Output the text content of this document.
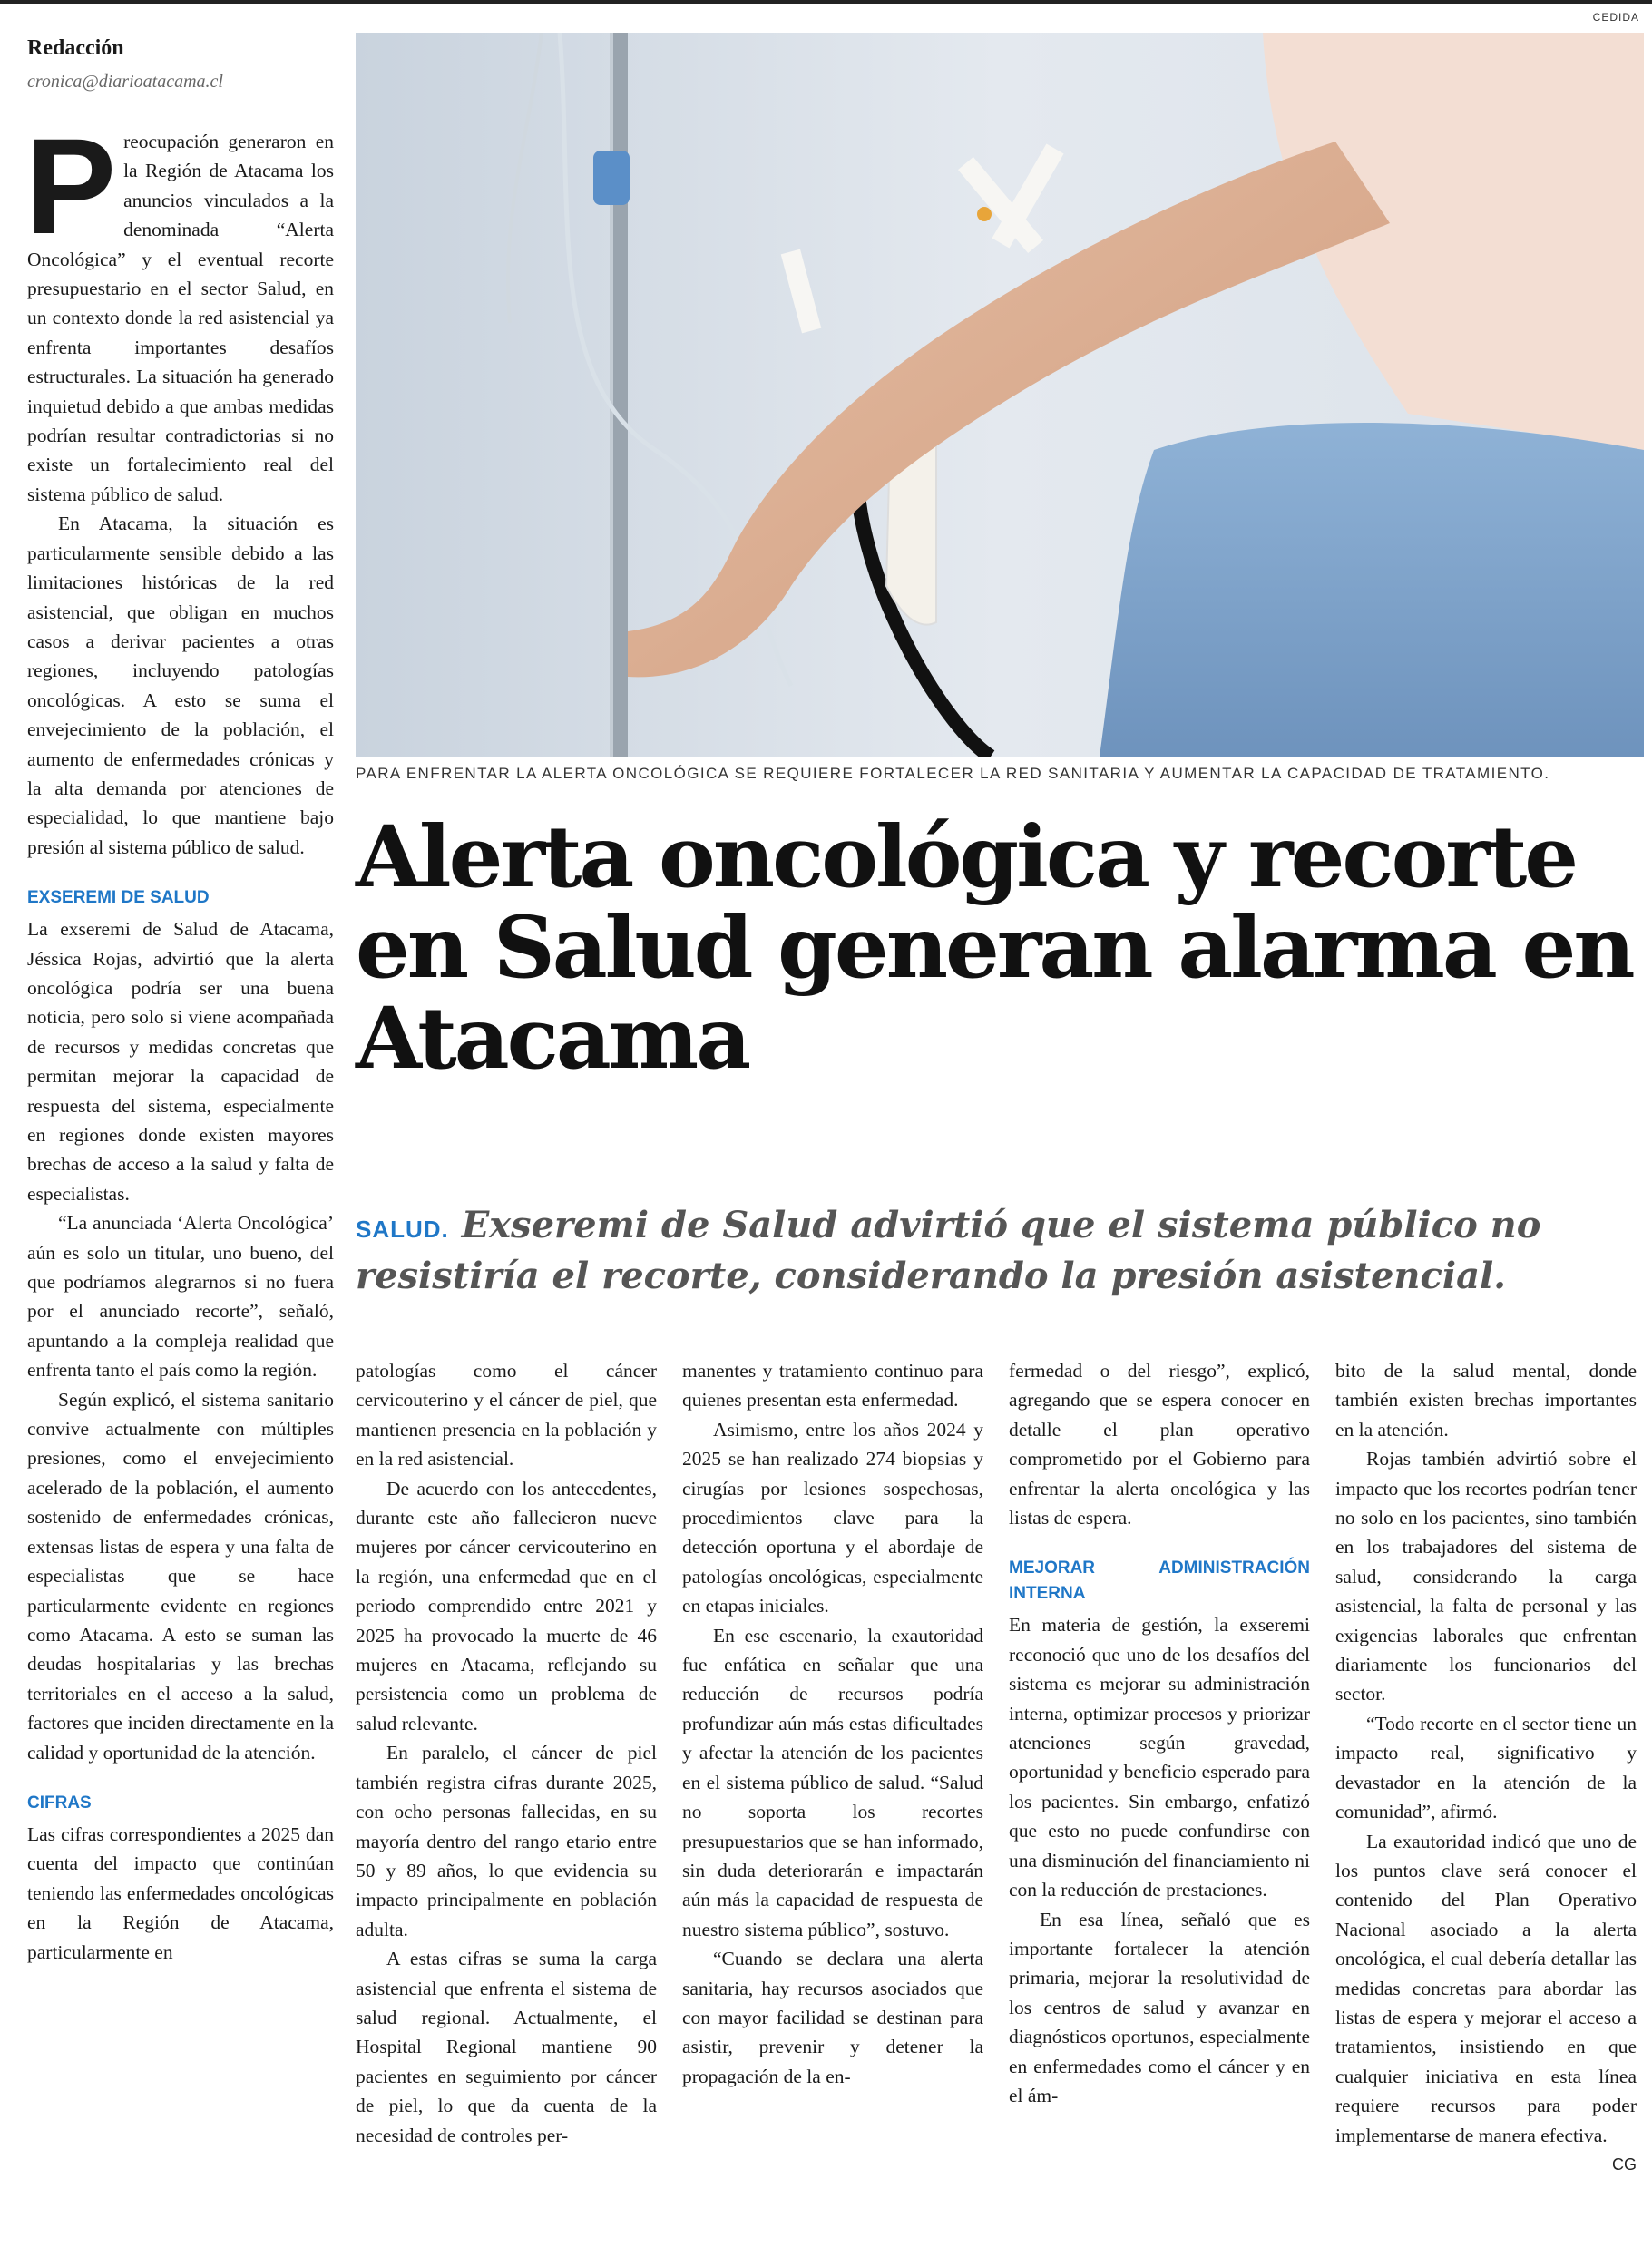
CEDIDA
Redacción
cronica@diarioatacama.cl

Preocupación generaron en la Región de Atacama los anuncios vinculados a la denominada “Alerta Oncológica” y el eventual recorte presupuestario en el sector Salud, en un contexto donde la red asistencial ya enfrenta importantes desafíos estructurales. La situación ha generado inquietud debido a que ambas medidas podrían resultar contradictorias si no existe un fortalecimiento real del sistema público de salud.

En Atacama, la situación es particularmente sensible debido a las limitaciones históricas de la red asistencial, que obligan en muchos casos a derivar pacientes a otras regiones, incluyendo patologías oncológicas. A esto se suma el envejecimiento de la población, el aumento de enfermedades crónicas y la alta demanda por atenciones de especialidad, lo que mantiene bajo presión al sistema público de salud.

EXSEREMI DE SALUD

La exseremi de Salud de Atacama, Jéssica Rojas, advirtió que la alerta oncológica podría ser una buena noticia, pero solo si viene acompañada de recursos y medidas concretas que permitan mejorar la capacidad de respuesta del sistema, especialmente en regiones donde existen mayores brechas de acceso a la salud y falta de especialistas.

“La anunciada ‘Alerta Oncológica’ aún es solo un titular, uno bueno, del que podríamos alegrarnos si no fuera por el anunciado recorte”, señaló, apuntando a la compleja realidad que enfrenta tanto el país como la región.

Según explicó, el sistema sanitario convive actualmente con múltiples presiones, como el envejecimiento acelerado de la población, el aumento sostenido de enfermedades crónicas, extensas listas de espera y una falta de especialistas que se hace particularmente evidente en regiones como Atacama. A esto se suman las deudas hospitalarias y las brechas territoriales en el acceso a la salud, factores que inciden directamente en la calidad y oportunidad de la atención.

CIFRAS

Las cifras correspondientes a 2025 dan cuenta del impacto que continúan teniendo las enfermedades oncológicas en la Región de Atacama, particularmente en

PARA ENFRENTAR LA ALERTA ONCOLÓGICA SE REQUIERE FORTALECER LA RED SANITARIA Y AUMENTAR LA CAPACIDAD DE TRATAMIENTO.
Alerta oncológica y recorte en Salud generan alarma en Atacama
SALUD. Exseremi de Salud advirtió que el sistema público no resistiría el recorte, considerando la presión asistencial.

patologías como el cáncer cervicouterino y el cáncer de piel, que mantienen presencia en la población y en la red asistencial.

De acuerdo con los antecedentes, durante este año fallecieron nueve mujeres por cáncer cervicouterino en la región, una enfermedad que en el periodo comprendido entre 2021 y 2025 ha provocado la muerte de 46 mujeres en Atacama, reflejando su persistencia como un problema de salud relevante.

En paralelo, el cáncer de piel también registra cifras durante 2025, con ocho personas fallecidas, en su mayoría dentro del rango etario entre 50 y 89 años, lo que evidencia su impacto principalmente en población adulta.

A estas cifras se suma la carga asistencial que enfrenta el sistema de salud regional. Actualmente, el Hospital Regional mantiene 90 pacientes en seguimiento por cáncer de piel, lo que da cuenta de la necesidad de controles per-

manentes y tratamiento continuo para quienes presentan esta enfermedad.

Asimismo, entre los años 2024 y 2025 se han realizado 274 biopsias y cirugías por lesiones sospechosas, procedimientos clave para la detección oportuna y el abordaje de patologías oncológicas, especialmente en etapas iniciales.

En ese escenario, la exautoridad fue enfática en señalar que una reducción de recursos podría profundizar aún más estas dificultades y afectar la atención de los pacientes en el sistema público de salud. “Salud no soporta los recortes presupuestarios que se han informado, sin duda deteriorarán e impactarán aún más la capacidad de respuesta de nuestro sistema público”, sostuvo.

“Cuando se declara una alerta sanitaria, hay recursos asociados que con mayor facilidad se destinan para asistir, prevenir y detener la propagación de la en-

fermedad o del riesgo”, explicó, agregando que se espera conocer en detalle el plan operativo comprometido por el Gobierno para enfrentar la alerta oncológica y las listas de espera.

MEJORAR ADMINISTRACIÓN INTERNA

En materia de gestión, la exseremi reconoció que uno de los desafíos del sistema es mejorar su administración interna, optimizar procesos y priorizar atenciones según gravedad, oportunidad y beneficio esperado para los pacientes. Sin embargo, enfatizó que esto no puede confundirse con una disminución del financiamiento ni con la reducción de prestaciones.

En esa línea, señaló que es importante fortalecer la atención primaria, mejorar la resolutividad de los centros de salud y avanzar en diagnósticos oportunos, especialmente en enfermedades como el cáncer y en el ám-

bito de la salud mental, donde también existen brechas importantes en la atención.

Rojas también advirtió sobre el impacto que los recortes podrían tener no solo en los pacientes, sino también en los trabajadores del sistema de salud, considerando la carga asistencial, la falta de personal y las exigencias laborales que enfrentan diariamente los funcionarios del sector.

“Todo recorte en el sector tiene un impacto real, significativo y devastador en la atención de la comunidad”, afirmó.

La exautoridad indicó que uno de los puntos clave será conocer el contenido del Plan Operativo Nacional asociado a la alerta oncológica, el cual debería detallar las medidas concretas para abordar las listas de espera y mejorar el acceso a tratamientos, insistiendo en que cualquier iniciativa en esta línea requiere recursos para poder implementarse de manera efectiva.
CG
